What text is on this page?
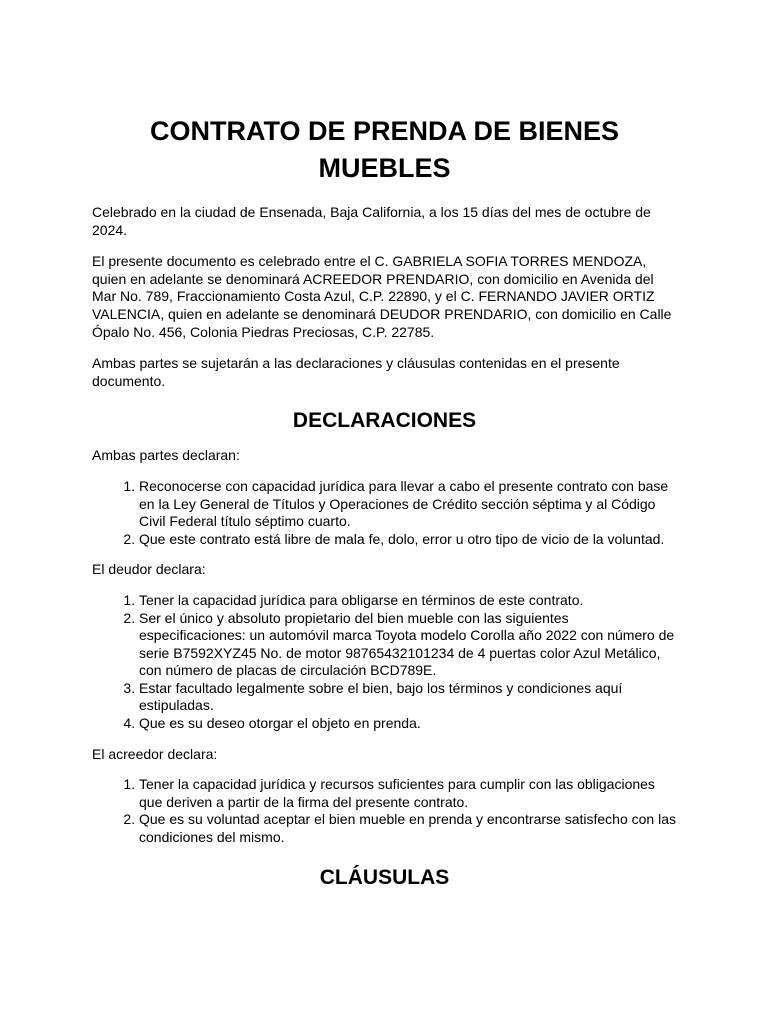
CONTRATO DE PRENDA DE BIENES MUEBLES

Celebrado en la ciudad de Ensenada, Baja California, a los 15 días del mes de octubre de 2024.

El presente documento es celebrado entre el C. GABRIELA SOFIA TORRES MENDOZA, quien en adelante se denominará ACREEDOR PRENDARIO, con domicilio en Avenida del Mar No. 789, Fraccionamiento Costa Azul, C.P. 22890, y el C. FERNANDO JAVIER ORTIZ VALENCIA, quien en adelante se denominará DEUDOR PRENDARIO, con domicilio en Calle Ópalo No. 456, Colonia Piedras Preciosas, C.P. 22785.

Ambas partes se sujetarán a las declaraciones y cláusulas contenidas en el presente documento.

DECLARACIONES

Ambas partes declaran:

1. Reconocerse con capacidad jurídica para llevar a cabo el presente contrato con base en la Ley General de Títulos y Operaciones de Crédito sección séptima y al Código Civil Federal título séptimo cuarto.
2. Que este contrato está libre de mala fe, dolo, error u otro tipo de vicio de la voluntad.

El deudor declara:

1. Tener la capacidad jurídica para obligarse en términos de este contrato.
2. Ser el único y absoluto propietario del bien mueble con las siguientes especificaciones: un automóvil marca Toyota modelo Corolla año 2022 con número de serie B7592XYZ45 No. de motor 98765432101234 de 4 puertas color Azul Metálico, con número de placas de circulación BCD789E.
3. Estar facultado legalmente sobre el bien, bajo los términos y condiciones aquí estipuladas.
4. Que es su deseo otorgar el objeto en prenda.

El acreedor declara:

1. Tener la capacidad jurídica y recursos suficientes para cumplir con las obligaciones que deriven a partir de la firma del presente contrato.
2. Que es su voluntad aceptar el bien mueble en prenda y encontrarse satisfecho con las condiciones del mismo.
CLÁUSULAS
